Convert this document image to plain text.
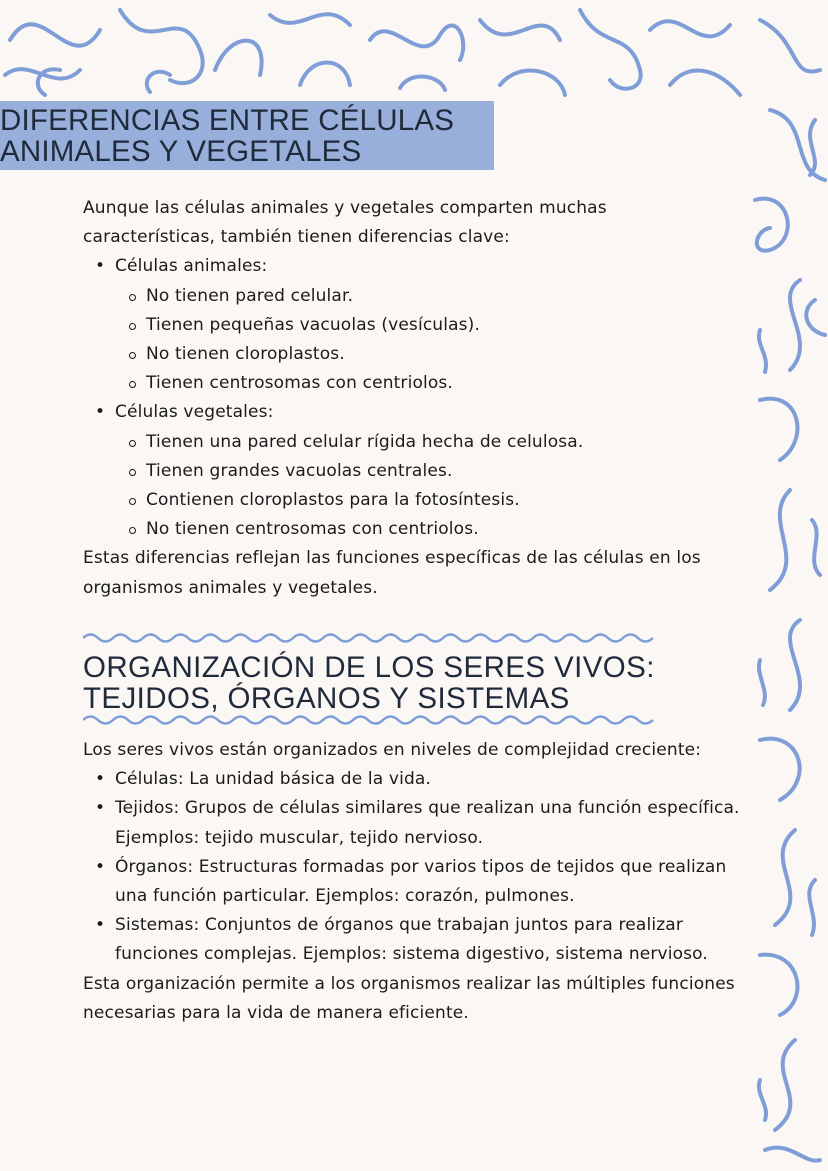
DIFERENCIAS ENTRE CÉLULAS
ANIMALES Y VEGETALES
Aunque las células animales y vegetales comparten muchas características, también tienen diferencias clave:
• Células animales:
No tienen pared celular.
Tienen pequeñas vacuolas (vesículas).
No tienen cloroplastos.
Tienen centrosomas con centriolos.
• Células vegetales:
Tienen una pared celular rígida hecha de celulosa.
Tienen grandes vacuolas centrales.
Contienen cloroplastos para la fotosíntesis.
No tienen centrosomas con centriolos.
Estas diferencias reflejan las funciones específicas de las células en los organismos animales y vegetales.
ORGANIZACIÓN DE LOS SERES VIVOS:
TEJIDOS, ÓRGANOS Y SISTEMAS
Los seres vivos están organizados en niveles de complejidad creciente:
• Células: La unidad básica de la vida.
• Tejidos: Grupos de células similares que realizan una función específica. Ejemplos: tejido muscular, tejido nervioso.
• Órganos: Estructuras formadas por varios tipos de tejidos que realizan una función particular. Ejemplos: corazón, pulmones.
• Sistemas: Conjuntos de órganos que trabajan juntos para realizar funciones complejas. Ejemplos: sistema digestivo, sistema nervioso.
Esta organización permite a los organismos realizar las múltiples funciones necesarias para la vida de manera eficiente.
